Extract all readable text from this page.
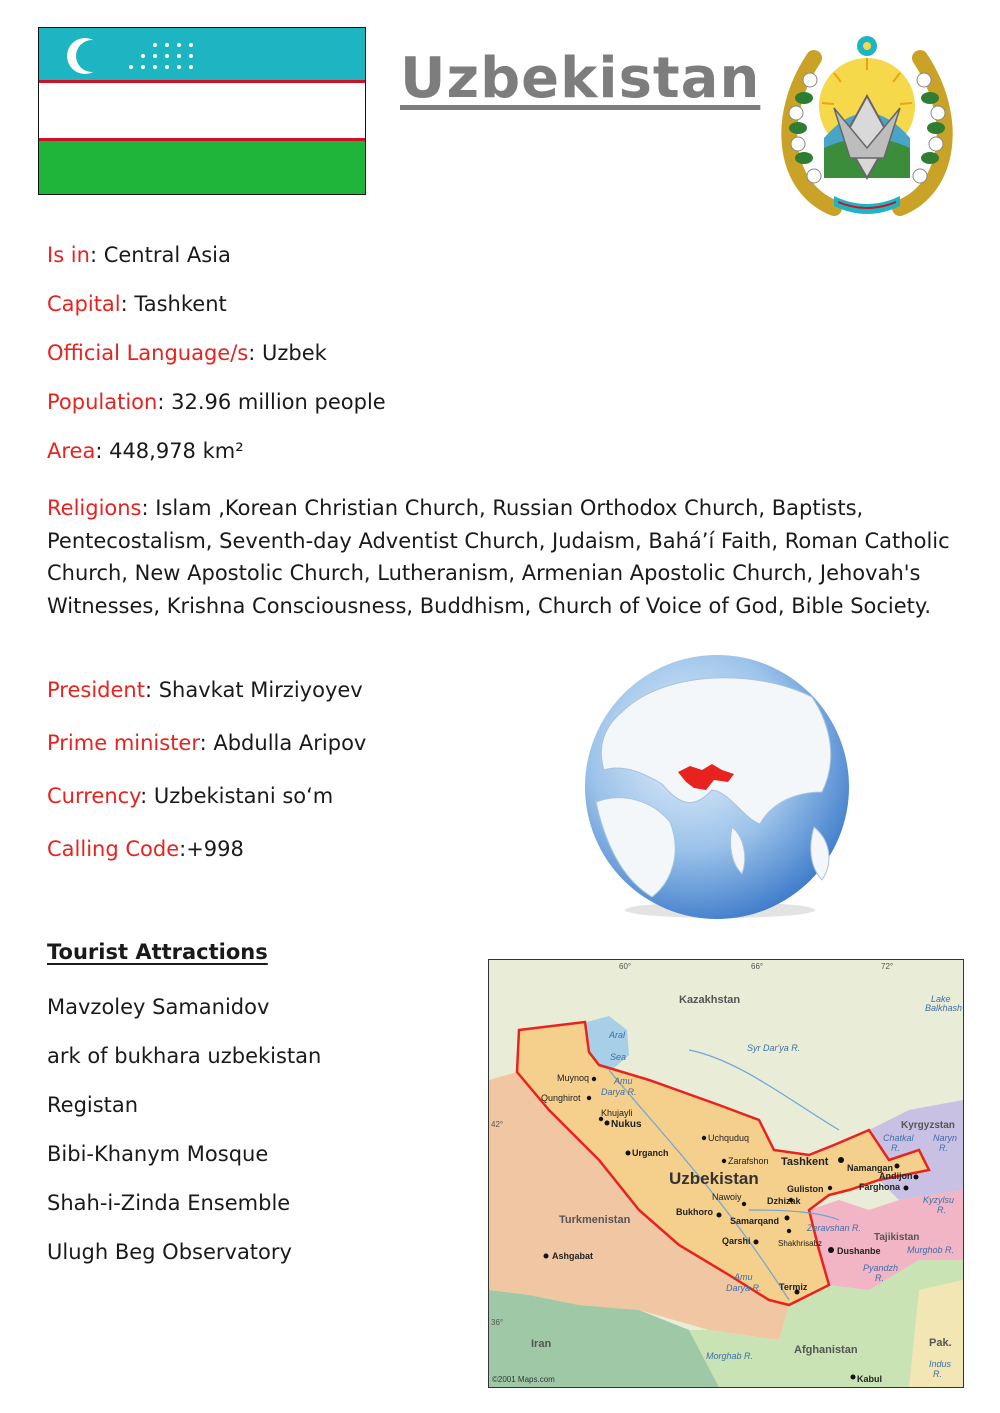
Uzbekistan
Is in: Central Asia
Capital: Tashkent
Official Language/s: Uzbek
Population: 32.96 million people
Area: 448,978 km²
Religions: Islam ,Korean Christian Church, Russian Orthodox Church, Baptists, Pentecostalism, Seventh-day Adventist Church, Judaism, Bahá’í Faith, Roman Catholic Church, New Apostolic Church, Lutheranism, Armenian Apostolic Church, Jehovah's Witnesses, Krishna Consciousness, Buddhism, Church of Voice of God, Bible Society.
President: Shavkat Mirziyoyev
Prime minister: Abdulla Aripov
Currency: Uzbekistani soʻm
Calling Code:+998
Tourist Attractions
Mavzoley Samanidov
ark of bukhara uzbekistan
Registan
Bibi-Khanym Mosque
Shah-i-Zinda Ensemble
Ulugh Beg Observatory
60°	66°	72°
42°
36°
Kazakhstan
Turkmenistan
Kyrgyzstan
Tajikistan
Afghanistan
Iran	Pak.
Uzbekistan
Aral
Sea
Lake
Balkhash
Syr Dar'ya R.
Amu
Darya R.
Amu
Darya R.
Chatkal
R.
Naryn
R.
Kyzylsu
R.
Zeravshan R.
Murghob R.
Pyandzh
R.
Morghab R.
Indus
R.
Muynoq
Qunghirot
Khujayli
Nukus
Urganch
Uchquduq
Zarafshon Tashkent Namangan
Andijon
Farghona
Guliston
Dzhizak
Nawoiy
Bukhoro
Samarqand
Shakhrisabz
Qarshi
Termiz
Dushanbe
Ashgabat
Kabul
©2001 Maps.com
